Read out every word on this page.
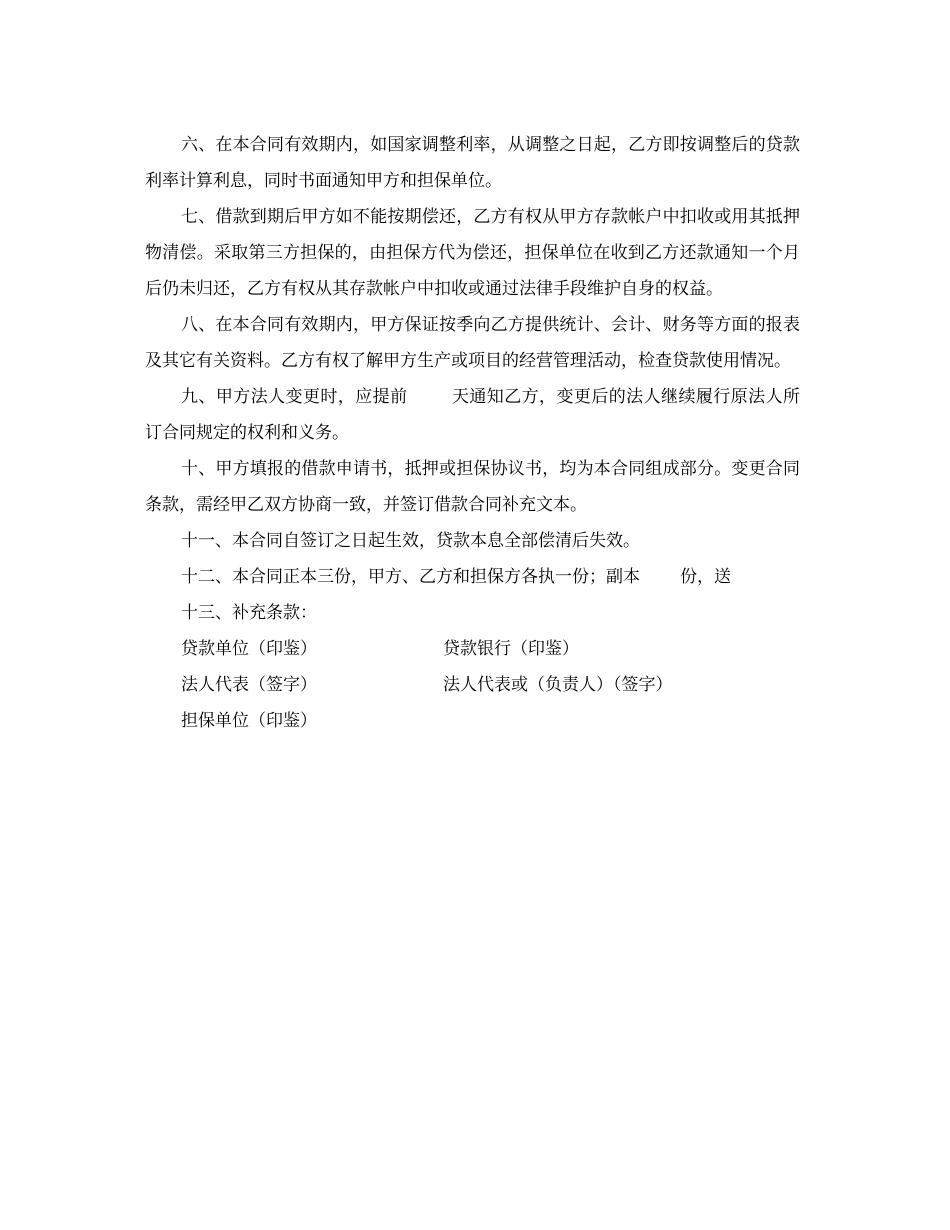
六、在本合同有效期内，如国家调整利率，从调整之日起，乙方即按调整后的贷款利率计算利息，同时书面通知甲方和担保单位。

七、借款到期后甲方如不能按期偿还，乙方有权从甲方存款帐户中扣收或用其抵押物清偿。采取第三方担保的，由担保方代为偿还，担保单位在收到乙方还款通知一个月后仍未归还，乙方有权从其存款帐户中扣收或通过法律手段维护自身的权益。

八、在本合同有效期内，甲方保证按季向乙方提供统计、会计、财务等方面的报表及其它有关资料。乙方有权了解甲方生产或项目的经营管理活动，检查贷款使用情况。

九、甲方法人变更时，应提前	天通知乙方，变更后的法人继续履行原法人所订合同规定的权利和义务。

十、甲方填报的借款申请书，抵押或担保协议书，均为本合同组成部分。变更合同条款，需经甲乙双方协商一致，并签订借款合同补充文本。

十一、本合同自签订之日起生效，贷款本息全部偿清后失效。

十二、本合同正本三份，甲方、乙方和担保方各执一份；副本 份，送

十三、补充条款：

贷款单位（印鉴）	贷款银行（印鉴）
法人代表（签字）	法人代表或（负责人）（签字）
担保单位（印鉴）
